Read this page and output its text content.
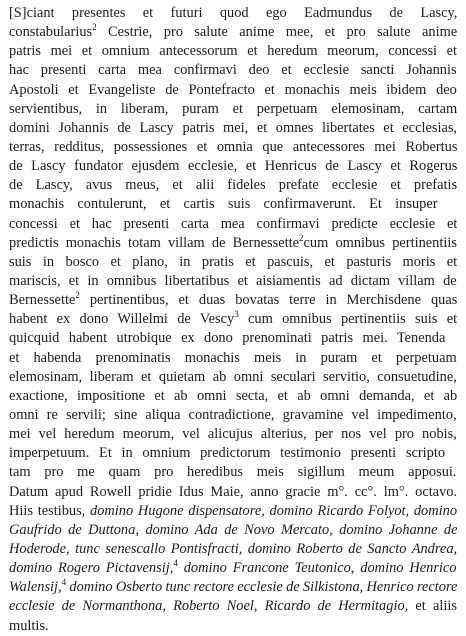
[S]ciant presentes et futuri quod ego Eadmundus de Lascy,
constabularius$^2$ Cestrie, pro salute anime mee, et pro salute anime
patris mei et omnium antecessorum et heredum meorum, concessi et
hac presenti carta mea confirmavi deo et ecclesie sancti Johannis
Apostoli et Evangeliste de Pontefracto et monachis meis ibidem deo
servientibus, in liberam, puram et perpetuam elemosinam, cartam
domini Johannis de Lascy patris mei, et omnes libertates et ecclesias,
terras, redditus, possessiones et omnia que antecessores mei Robertus
de Lascy fundator ejusdem ecclesie, et Henricus de Lascy et Rogerus
de Lascy, avus meus, et alii fideles prefate ecclesie et prefatis
monachis contulerunt, et cartis suis confirmaverunt. Et insuper
concessi et hac presenti carta mea confirmavi predicte ecclesie et
predictis monachis totam villam de Bernessette$^2$cum omnibus pertinentiis
suis in bosco et plano, in pratis et pascuis, et pasturis moris et
mariscis, et in omnibus libertatibus et aisiamentis ad dictam villam de
Bernessette$^2$ pertinentibus, et duas bovatas terre in Merchisdene quas
habent ex dono Willelmi de Vescy$^3$ cum omnibus pertinentiis suis et
quicquid habent utrobique ex dono prenominati patris mei. Tenenda
et habenda prenominatis monachis meis in puram et perpetuam
elemosinam, liberam et quietam ab omni seculari servitio, consuetudine,
exactione, impositione et ab omni secta, et ab omni demanda, et ab
omni re servili; sine aliqua contradictione, gravamine vel impedimento,
mei vel heredum meorum, vel alicujus alterius, per nos vel pro nobis,
imperpetuum. Et in omnium predictorum testimonio presenti scripto
tam pro me quam pro heredibus meis sigillum meum apposui.
Datum apud Rowell pridie Idus Maie, anno gracie m°. cc°. lm°. octavo.
Hiis testibus, domino Hugone dispensatore, domino Ricardo Folyot, domino
Gaufrido de Duttona, domino Ada de Novo Mercato, domino Johanne de
Hoderode, tunc senescallo Pontisfracti, domino Roberto de Sancto Andrea,
domino Rogero Pictavensij,$^4$ domino Francone Teutonico, domino Henrico
Walensij,$^4$ domino Osberto tunc rectore ecclesie de Silkistona, Henrico rectore
ecclesie de Normanthona, Roberto Noel, Ricardo de Hermitagio, et aliis
multis.
